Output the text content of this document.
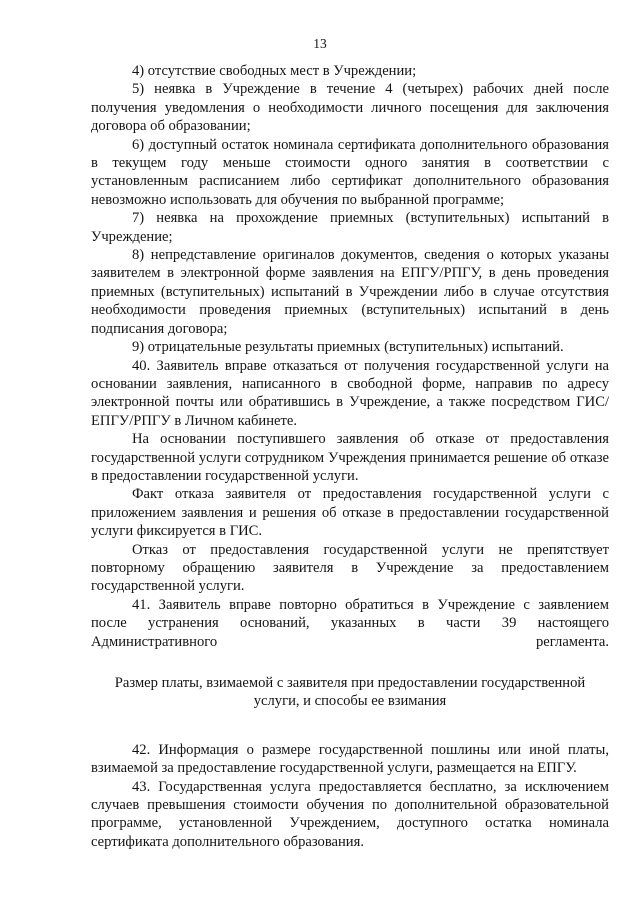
13

4) отсутствие свободных мест в Учреждении;

5) неявка в Учреждение в течение 4 (четырех) рабочих дней после получения уведомления о необходимости личного посещения для заключения договора об образовании;

6) доступный остаток номинала сертификата дополнительного образования в текущем году меньше стоимости одного занятия в соответствии с установленным расписанием либо сертификат дополнительного образования невозможно использовать для обучения по выбранной программе;

7) неявка на прохождение приемных (вступительных) испытаний в Учреждение;

8) непредставление оригиналов документов, сведения о которых указаны заявителем в электронной форме заявления на ЕПГУ/РПГУ, в день проведения приемных (вступительных) испытаний в Учреждении либо в случае отсутствия необходимости проведения приемных (вступительных) испытаний в день подписания договора;

9) отрицательные результаты приемных (вступительных) испытаний.

40. Заявитель вправе отказаться от получения государственной услуги на основании заявления, написанного в свободной форме, направив по адресу электронной почты или обратившись в Учреждение, а также посредством ГИС/ЕПГУ/РПГУ в Личном кабинете.

На основании поступившего заявления об отказе от предоставления государственной услуги сотрудником Учреждения принимается решение об отказе в предоставлении государственной услуги.

Факт отказа заявителя от предоставления государственной услуги с приложением заявления и решения об отказе в предоставлении государственной услуги фиксируется в ГИС.

Отказ от предоставления государственной услуги не препятствует повторному обращению заявителя в Учреждение за предоставлением государственной услуги.

41. Заявитель вправе повторно обратиться в Учреждение с заявлением после устранения оснований, указанных в части 39 настоящего Административного регламента.

Размер платы, взимаемой с заявителя при предоставлении государственной услуги, и способы ее взимания

42. Информация о размере государственной пошлины или иной платы, взимаемой за предоставление государственной услуги, размещается на ЕПГУ.

43. Государственная услуга предоставляется бесплатно, за исключением случаев превышения стоимости обучения по дополнительной образовательной программе, установленной Учреждением, доступного остатка номинала сертификата дополнительного образования.
